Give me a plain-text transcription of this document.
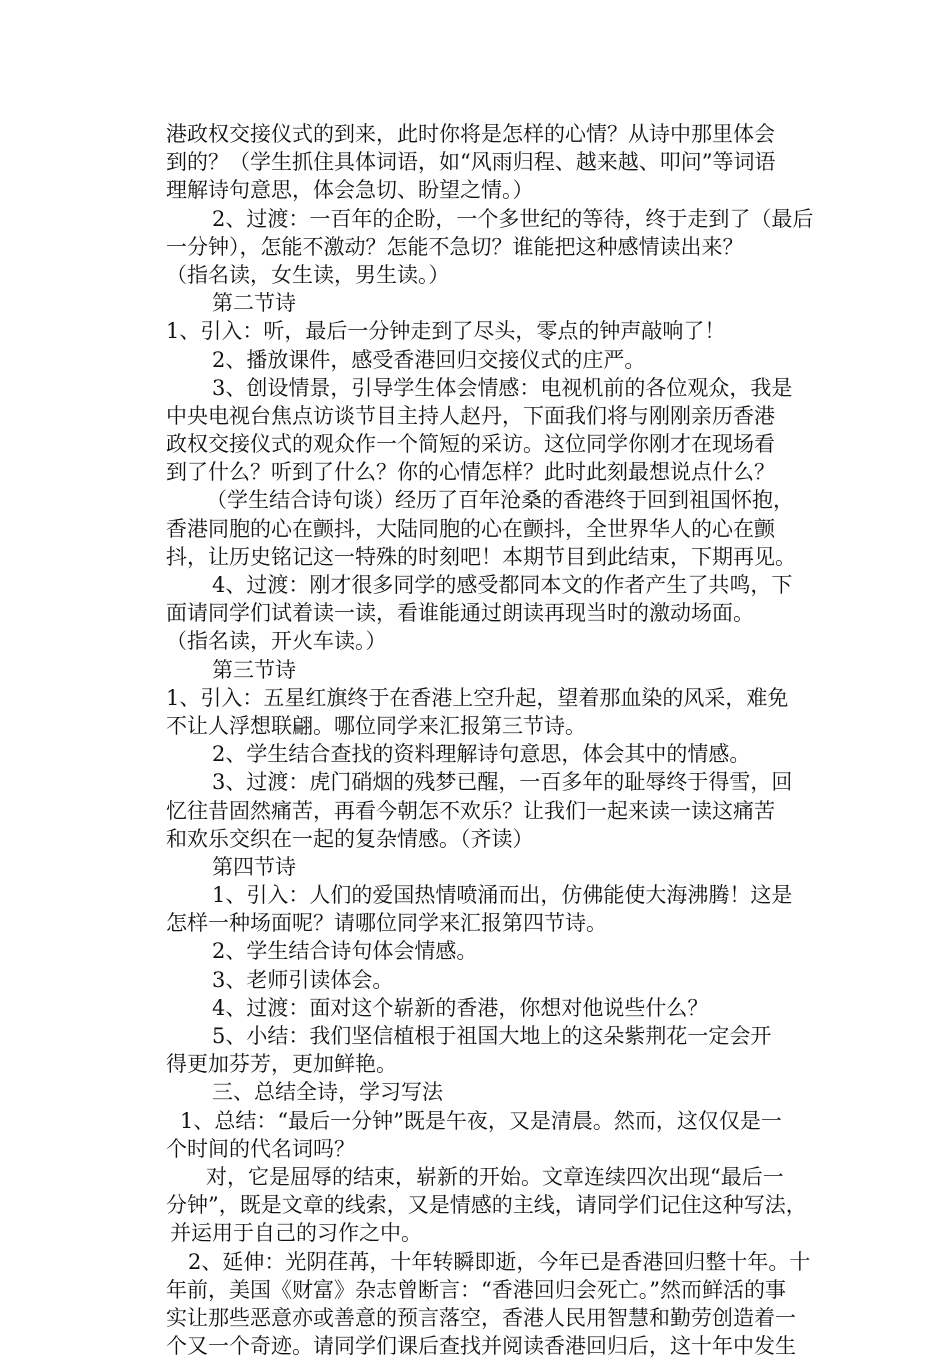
港政权交接仪式的到来，此时你将是怎样的心情？从诗中那里体会
到的？（学生抓住具体词语，如“风雨归程、越来越、叩问”等词语
理解诗句意思，体会急切、盼望之情。）
2、过渡：一百年的企盼，一个多世纪的等待，终于走到了（最后
一分钟），怎能不激动？怎能不急切？谁能把这种感情读出来？
（指名读，女生读，男生读。）
第二节诗
1、引入：听，最后一分钟走到了尽头，零点的钟声敲响了！
2、播放课件，感受香港回归交接仪式的庄严。
3、创设情景，引导学生体会情感：电视机前的各位观众，我是
中央电视台焦点访谈节目主持人赵丹，下面我们将与刚刚亲历香港
政权交接仪式的观众作一个简短的采访。这位同学你刚才在现场看
到了什么？听到了什么？你的心情怎样？此时此刻最想说点什么？
（学生结合诗句谈）经历了百年沧桑的香港终于回到祖国怀抱，
香港同胞的心在颤抖，大陆同胞的心在颤抖，全世界华人的心在颤
抖，让历史铭记这一特殊的时刻吧！本期节目到此结束，下期再见。
4、过渡：刚才很多同学的感受都同本文的作者产生了共鸣，下
面请同学们试着读一读，看谁能通过朗读再现当时的激动场面。
（指名读，开火车读。）
第三节诗
1、引入：五星红旗终于在香港上空升起，望着那血染的风采，难免
不让人浮想联翩。哪位同学来汇报第三节诗。
2、学生结合查找的资料理解诗句意思，体会其中的情感。
3、过渡：虎门硝烟的残梦已醒，一百多年的耻辱终于得雪，回
忆往昔固然痛苦，再看今朝怎不欢乐？让我们一起来读一读这痛苦
和欢乐交织在一起的复杂情感。（齐读）
第四节诗
1、引入：人们的爱国热情喷涌而出，仿佛能使大海沸腾！这是
怎样一种场面呢？请哪位同学来汇报第四节诗。
2、学生结合诗句体会情感。
3、老师引读体会。
4、过渡：面对这个崭新的香港，你想对他说些什么？
5、小结：我们坚信植根于祖国大地上的这朵紫荆花一定会开
得更加芬芳，更加鲜艳。
三、总结全诗，学习写法
1、总结：“最后一分钟”既是午夜，又是清晨。然而，这仅仅是一
个时间的代名词吗？
对，它是屈辱的结束，崭新的开始。文章连续四次出现“最后一
分钟”，既是文章的线索，又是情感的主线，请同学们记住这种写法，
并运用于自己的习作之中。
2、延伸：光阴荏苒，十年转瞬即逝，今年已是香港回归整十年。十
年前，美国《财富》杂志曾断言：“香港回归会死亡。”然而鲜活的事
实让那些恶意亦或善意的预言落空，香港人民用智慧和勤劳创造着一
个又一个奇迹。请同学们课后查找并阅读香港回归后，这十年中发生
